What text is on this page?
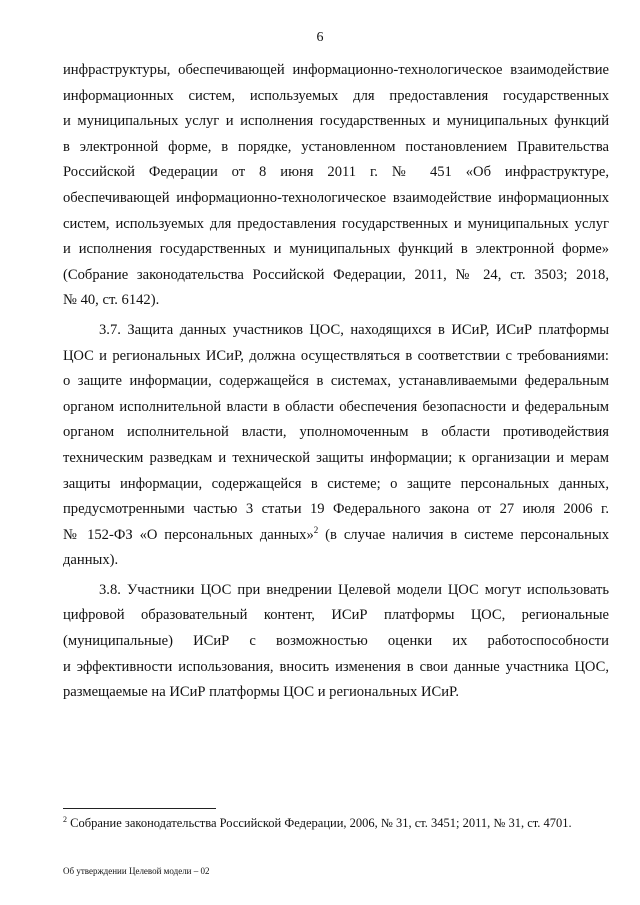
6
инфраструктуры, обеспечивающей информационно-технологическое взаимодействие
информационных систем, используемых для предоставления государственных
и муниципальных услуг и исполнения государственных и муниципальных функций
в электронной форме, в порядке, установленном постановлением Правительства
Российской Федерации от 8 июня 2011 г. № 451 «Об инфраструктуре,
обеспечивающей информационно-технологическое взаимодействие информационных
систем, используемых для предоставления государственных и муниципальных услуг
и исполнения государственных и муниципальных функций в электронной форме»
(Собрание законодательства Российской Федерации, 2011, № 24, ст. 3503; 2018,
№ 40, ст. 6142).
3.7. Защита данных участников ЦОС, находящихся в ИСиР, ИСиР платформы
ЦОС и региональных ИСиР, должна осуществляться в соответствии с требованиями:
о защите информации, содержащейся в системах, устанавливаемыми федеральным
органом исполнительной власти в области обеспечения безопасности и федеральным
органом исполнительной власти, уполномоченным в области противодействия
техническим разведкам и технической защиты информации; к организации и мерам
защиты информации, содержащейся в системе; о защите персональных данных,
предусмотренными частью 3 статьи 19 Федерального закона от 27 июля 2006 г.
№ 152-ФЗ «О персональных данных»$^2$ (в случае наличия в системе персональных
данных).
3.8. Участники ЦОС при внедрении Целевой модели ЦОС могут использовать
цифровой образовательный контент, ИСиР платформы ЦОС, региональные
(муниципальные) ИСиР с возможностью оценки их работоспособности
и эффективности использования, вносить изменения в свои данные участника ЦОС,
размещаемые на ИСиР платформы ЦОС и региональных ИСиР.
$^2$ Собрание законодательства Российской Федерации, 2006, № 31, ст. 3451; 2011, № 31, ст. 4701.
Об утверждении Целевой модели – 02
